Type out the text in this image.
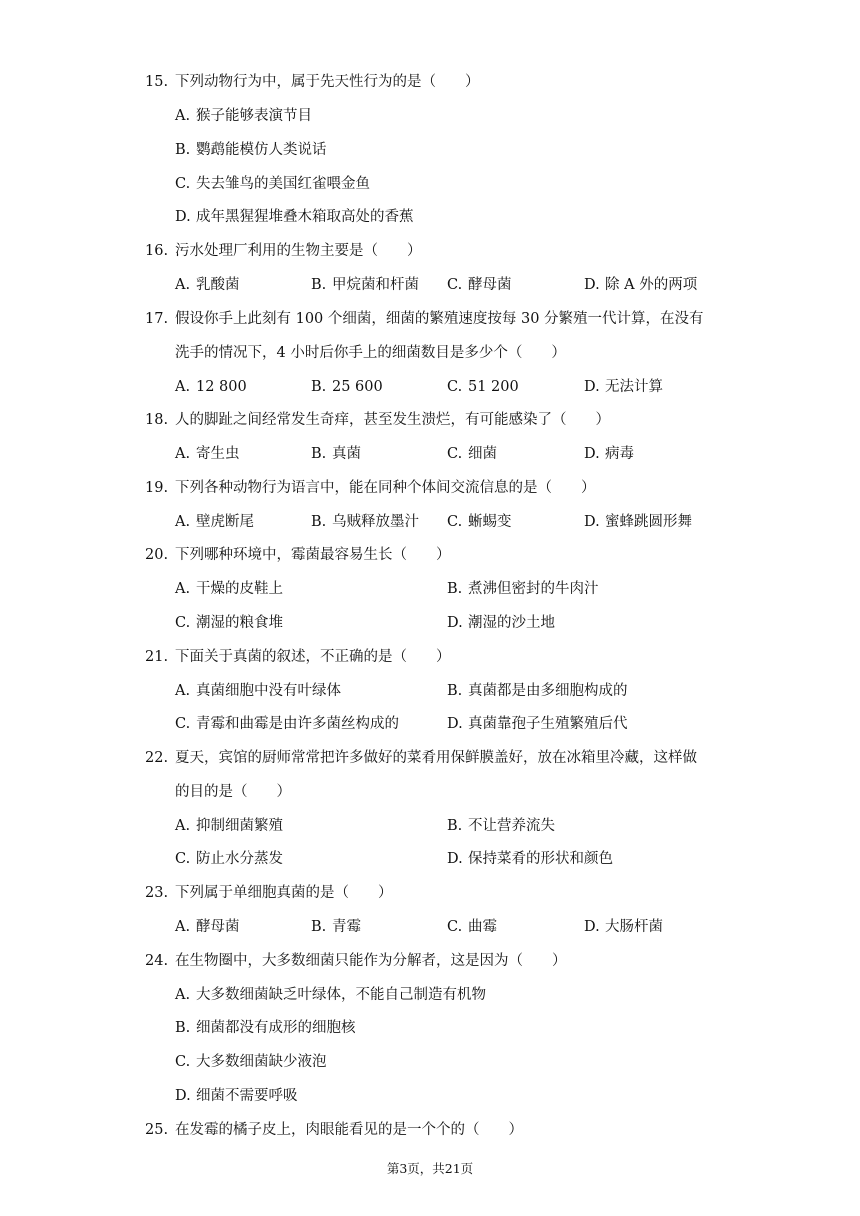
15. 下列动物行为中，属于先天性行为的是（　　）
A. 猴子能够表演节目
B. 鹦鹉能模仿人类说话
C. 失去雏鸟的美国红雀喂金鱼
D. 成年黑猩猩堆叠木箱取高处的香蕉
16. 污水处理厂利用的生物主要是（　　）
A. 乳酸菌	B. 甲烷菌和杆菌 C. 酵母菌	D. 除 A 外的两项
17. 假设你手上此刻有 100 个细菌，细菌的繁殖速度按每 30 分繁殖一代计算，在没有
洗手的情况下，4 小时后你手上的细菌数目是多少个（　　）
A. 12 800	B. 25 600	C. 51 200	D. 无法计算
18. 人的脚趾之间经常发生奇痒，甚至发生溃烂，有可能感染了（　　）
A. 寄生虫	B. 真菌	C. 细菌	D. 病毒
19. 下列各种动物行为语言中，能在同种个体间交流信息的是（　　）
A. 壁虎断尾	B. 乌贼释放墨汁 C. 蜥蜴变	D. 蜜蜂跳圆形舞
20. 下列哪种环境中，霉菌最容易生长（　　）
A. 干燥的皮鞋上	B. 煮沸但密封的牛肉汁
C. 潮湿的粮食堆	D. 潮湿的沙土地
21. 下面关于真菌的叙述，不正确的是（　　）
A. 真菌细胞中没有叶绿体	B. 真菌都是由多细胞构成的
C. 青霉和曲霉是由许多菌丝构成的	D. 真菌靠孢子生殖繁殖后代
22. 夏天，宾馆的厨师常常把许多做好的菜肴用保鲜膜盖好，放在冰箱里冷藏，这样做
的目的是（　　）
A. 抑制细菌繁殖	B. 不让营养流失
C. 防止水分蒸发	D. 保持菜肴的形状和颜色
23. 下列属于单细胞真菌的是（　　）
A. 酵母菌	B. 青霉	C. 曲霉	D. 大肠杆菌
24. 在生物圈中，大多数细菌只能作为分解者，这是因为（　　）
A. 大多数细菌缺乏叶绿体，不能自己制造有机物
B. 细菌都没有成形的细胞核
C. 大多数细菌缺少液泡
D. 细菌不需要呼吸
25. 在发霉的橘子皮上，肉眼能看见的是一个个的（　　）
第3页，共21页
